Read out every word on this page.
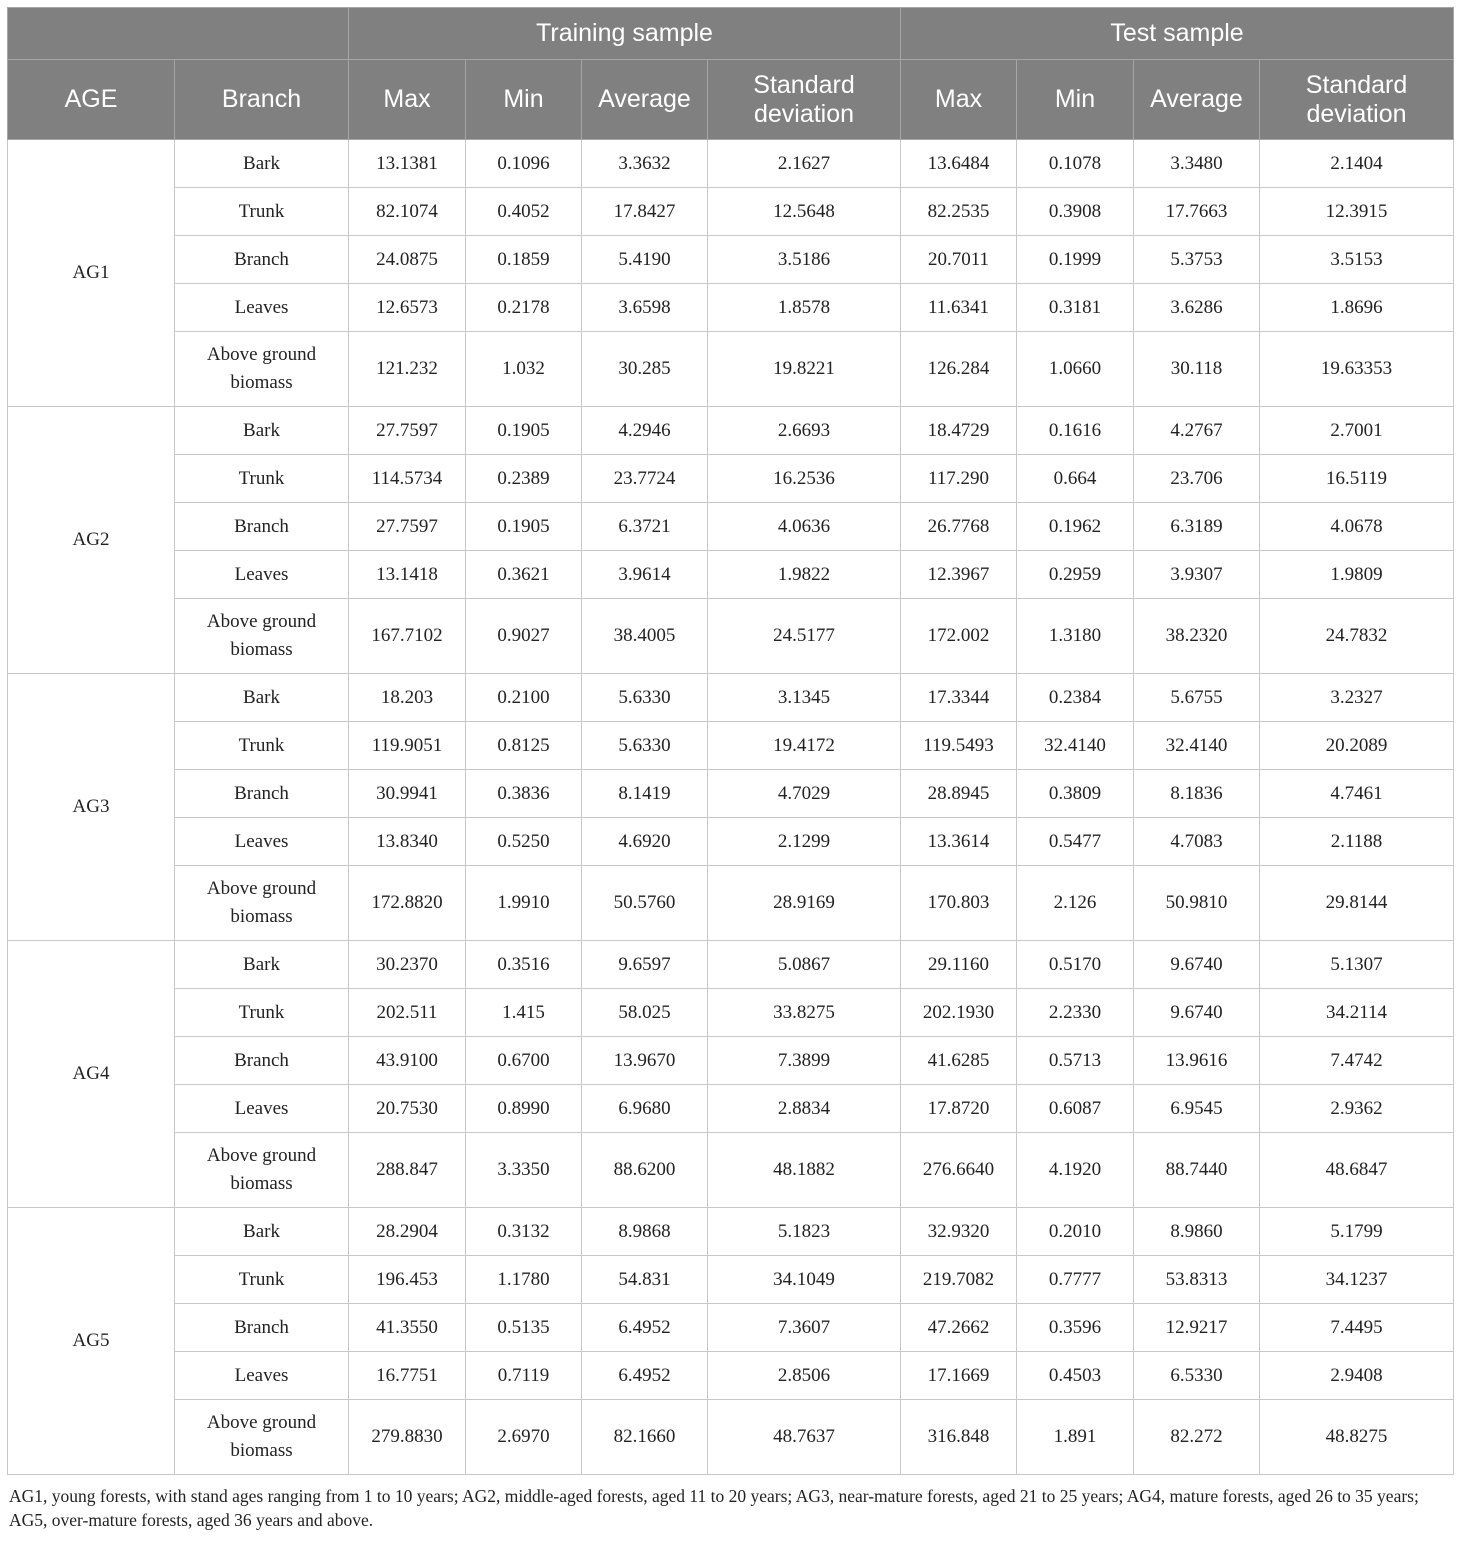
		Training sample				Test sample			
AGE	Branch	Max	Min	Average	Standard deviation	Max	Min	Average	Standard deviation
AG1	Bark	13.1381	0.1096	3.3632	2.1627	13.6484	0.1078	3.3480	2.1404
	Trunk	82.1074	0.4052	17.8427	12.5648	82.2535	0.3908	17.7663	12.3915
	Branch	24.0875	0.1859	5.4190	3.5186	20.7011	0.1999	5.3753	3.5153
	Leaves	12.6573	0.2178	3.6598	1.8578	11.6341	0.3181	3.6286	1.8696
	Above ground biomass	121.232	1.032	30.285	19.8221	126.284	1.0660	30.118	19.63353
AG2	Bark	27.7597	0.1905	4.2946	2.6693	18.4729	0.1616	4.2767	2.7001
	Trunk	114.5734	0.2389	23.7724	16.2536	117.290	0.664	23.706	16.5119
	Branch	27.7597	0.1905	6.3721	4.0636	26.7768	0.1962	6.3189	4.0678
	Leaves	13.1418	0.3621	3.9614	1.9822	12.3967	0.2959	3.9307	1.9809
	Above ground biomass	167.7102	0.9027	38.4005	24.5177	172.002	1.3180	38.2320	24.7832
AG3	Bark	18.203	0.2100	5.6330	3.1345	17.3344	0.2384	5.6755	3.2327
	Trunk	119.9051	0.8125	5.6330	19.4172	119.5493	32.4140	32.4140	20.2089
	Branch	30.9941	0.3836	8.1419	4.7029	28.8945	0.3809	8.1836	4.7461
	Leaves	13.8340	0.5250	4.6920	2.1299	13.3614	0.5477	4.7083	2.1188
	Above ground biomass	172.8820	1.9910	50.5760	28.9169	170.803	2.126	50.9810	29.8144
AG4	Bark	30.2370	0.3516	9.6597	5.0867	29.1160	0.5170	9.6740	5.1307
	Trunk	202.511	1.415	58.025	33.8275	202.1930	2.2330	9.6740	34.2114
	Branch	43.9100	0.6700	13.9670	7.3899	41.6285	0.5713	13.9616	7.4742
	Leaves	20.7530	0.8990	6.9680	2.8834	17.8720	0.6087	6.9545	2.9362
	Above ground biomass	288.847	3.3350	88.6200	48.1882	276.6640	4.1920	88.7440	48.6847
AG5	Bark	28.2904	0.3132	8.9868	5.1823	32.9320	0.2010	8.9860	5.1799
	Trunk	196.453	1.1780	54.831	34.1049	219.7082	0.7777	53.8313	34.1237
	Branch	41.3550	0.5135	6.4952	7.3607	47.2662	0.3596	12.9217	7.4495
	Leaves	16.7751	0.7119	6.4952	2.8506	17.1669	0.4503	6.5330	2.9408
	Above ground biomass	279.8830	2.6970	82.1660	48.7637	316.848	1.891	82.272	48.8275
AG1, young forests, with stand ages ranging from 1 to 10 years; AG2, middle-aged forests, aged 11 to 20 years; AG3, near-mature forests, aged 21 to 25 years; AG4, mature forests, aged 26 to 35 years; AG5, over-mature forests, aged 36 years and above.
